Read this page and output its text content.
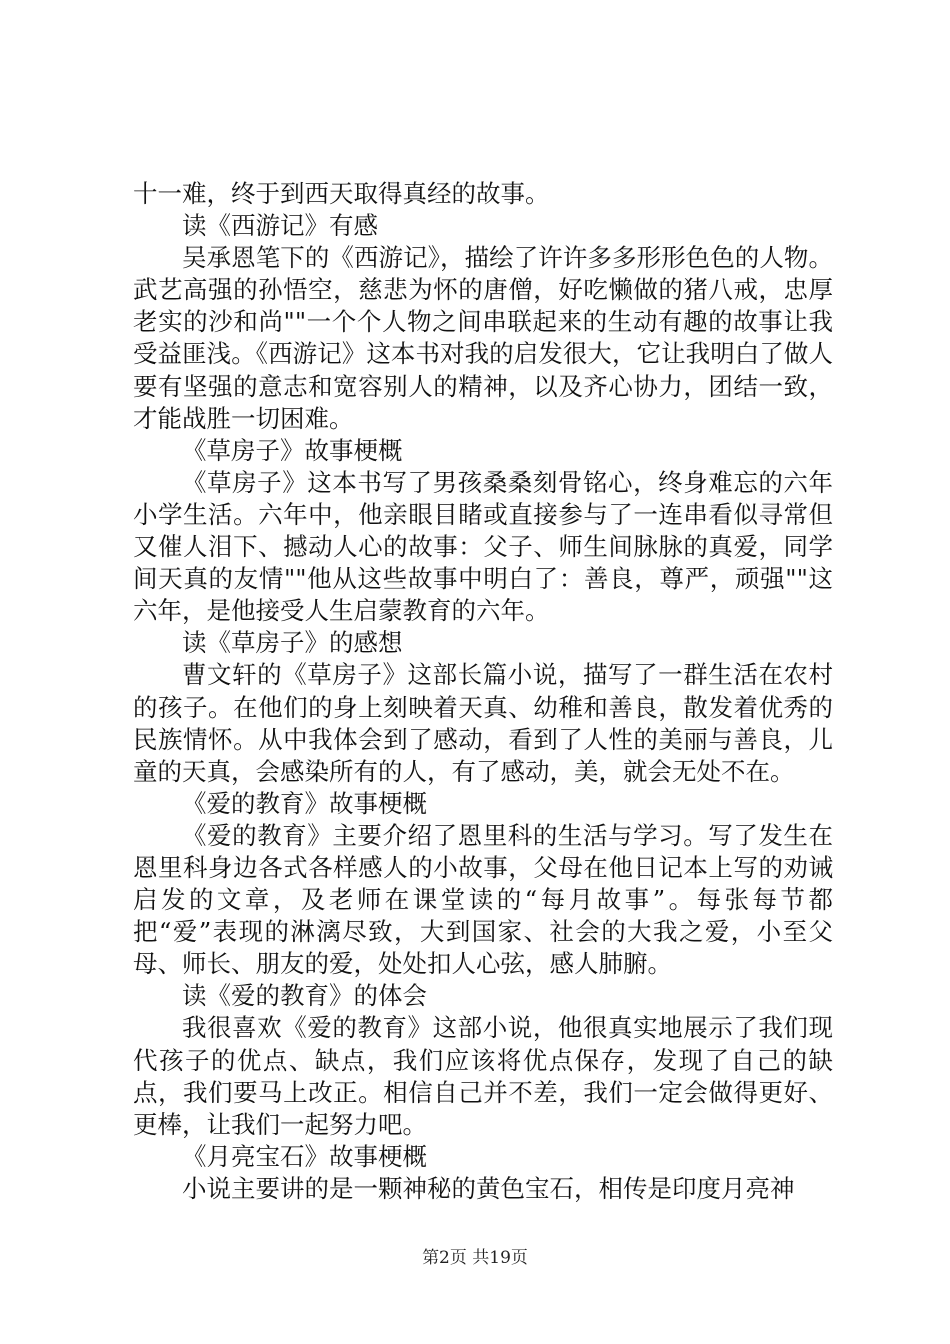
十一难，终于到西天取得真经的故事。

读《西游记》有感

吴承恩笔下的《西游记》，描绘了许许多多形形色色的人物。武艺高强的孙悟空，慈悲为怀的唐僧，好吃懒做的猪八戒，忠厚老实的沙和尚""一个个人物之间串联起来的生动有趣的故事让我受益匪浅。《西游记》这本书对我的启发很大，它让我明白了做人要有坚强的意志和宽容别人的精神，以及齐心协力，团结一致，才能战胜一切困难。

《草房子》故事梗概

《草房子》这本书写了男孩桑桑刻骨铭心，终身难忘的六年小学生活。六年中，他亲眼目睹或直接参与了一连串看似寻常但又催人泪下、撼动人心的故事：父子、师生间脉脉的真爱，同学间天真的友情""他从这些故事中明白了：善良，尊严，顽强""这六年，是他接受人生启蒙教育的六年。

读《草房子》的感想

曹文轩的《草房子》这部长篇小说，描写了一群生活在农村的孩子。在他们的身上刻映着天真、幼稚和善良，散发着优秀的民族情怀。从中我体会到了感动，看到了人性的美丽与善良，儿童的天真，会感染所有的人，有了感动，美，就会无处不在。

《爱的教育》故事梗概

《爱的教育》主要介绍了恩里科的生活与学习。写了发生在恩里科身边各式各样感人的小故事，父母在他日记本上写的劝诫启发的文章，及老师在课堂读的“每月故事”。每张每节都把“爱”表现的淋漓尽致，大到国家、社会的大我之爱，小至父母、师长、朋友的爱，处处扣人心弦，感人肺腑。

读《爱的教育》的体会

我很喜欢《爱的教育》这部小说，他很真实地展示了我们现代孩子的优点、缺点，我们应该将优点保存，发现了自己的缺点，我们要马上改正。相信自己并不差，我们一定会做得更好、更棒，让我们一起努力吧。

《月亮宝石》故事梗概

小说主要讲的是一颗神秘的黄色宝石，相传是印度月亮神

第2页 共19页
